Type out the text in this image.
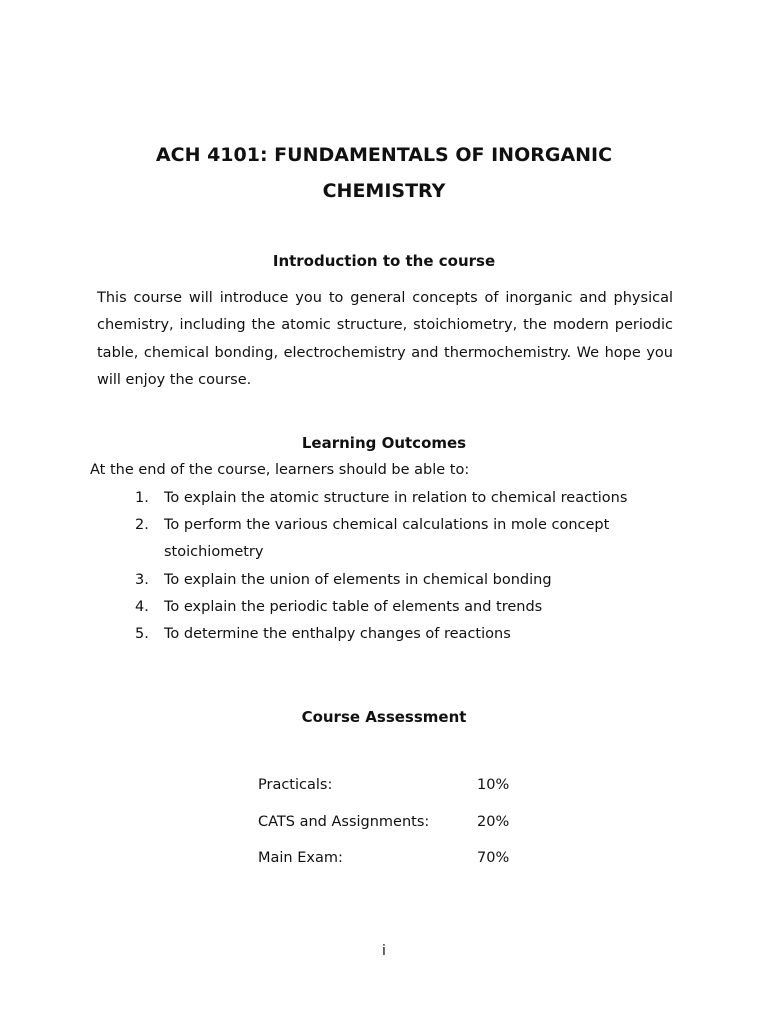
ACH 4101: FUNDAMENTALS OF INORGANIC CHEMISTRY
Introduction to the course

This course will introduce you to general concepts of inorganic and physical chemistry, including the atomic structure, stoichiometry, the modern periodic table, chemical bonding, electrochemistry and thermochemistry. We hope you will enjoy the course.

Learning Outcomes

At the end of the course, learners should be able to:

1.	To explain the atomic structure in relation to chemical reactions
2.	To perform the various chemical calculations in mole concept stoichiometry
3.	To explain the union of elements in chemical bonding
4.	To explain the periodic table of elements and trends
5.	To determine the enthalpy changes of reactions
Course Assessment
Practicals:	10%
CATS and Assignments:	20%
Main Exam:	70%
i
